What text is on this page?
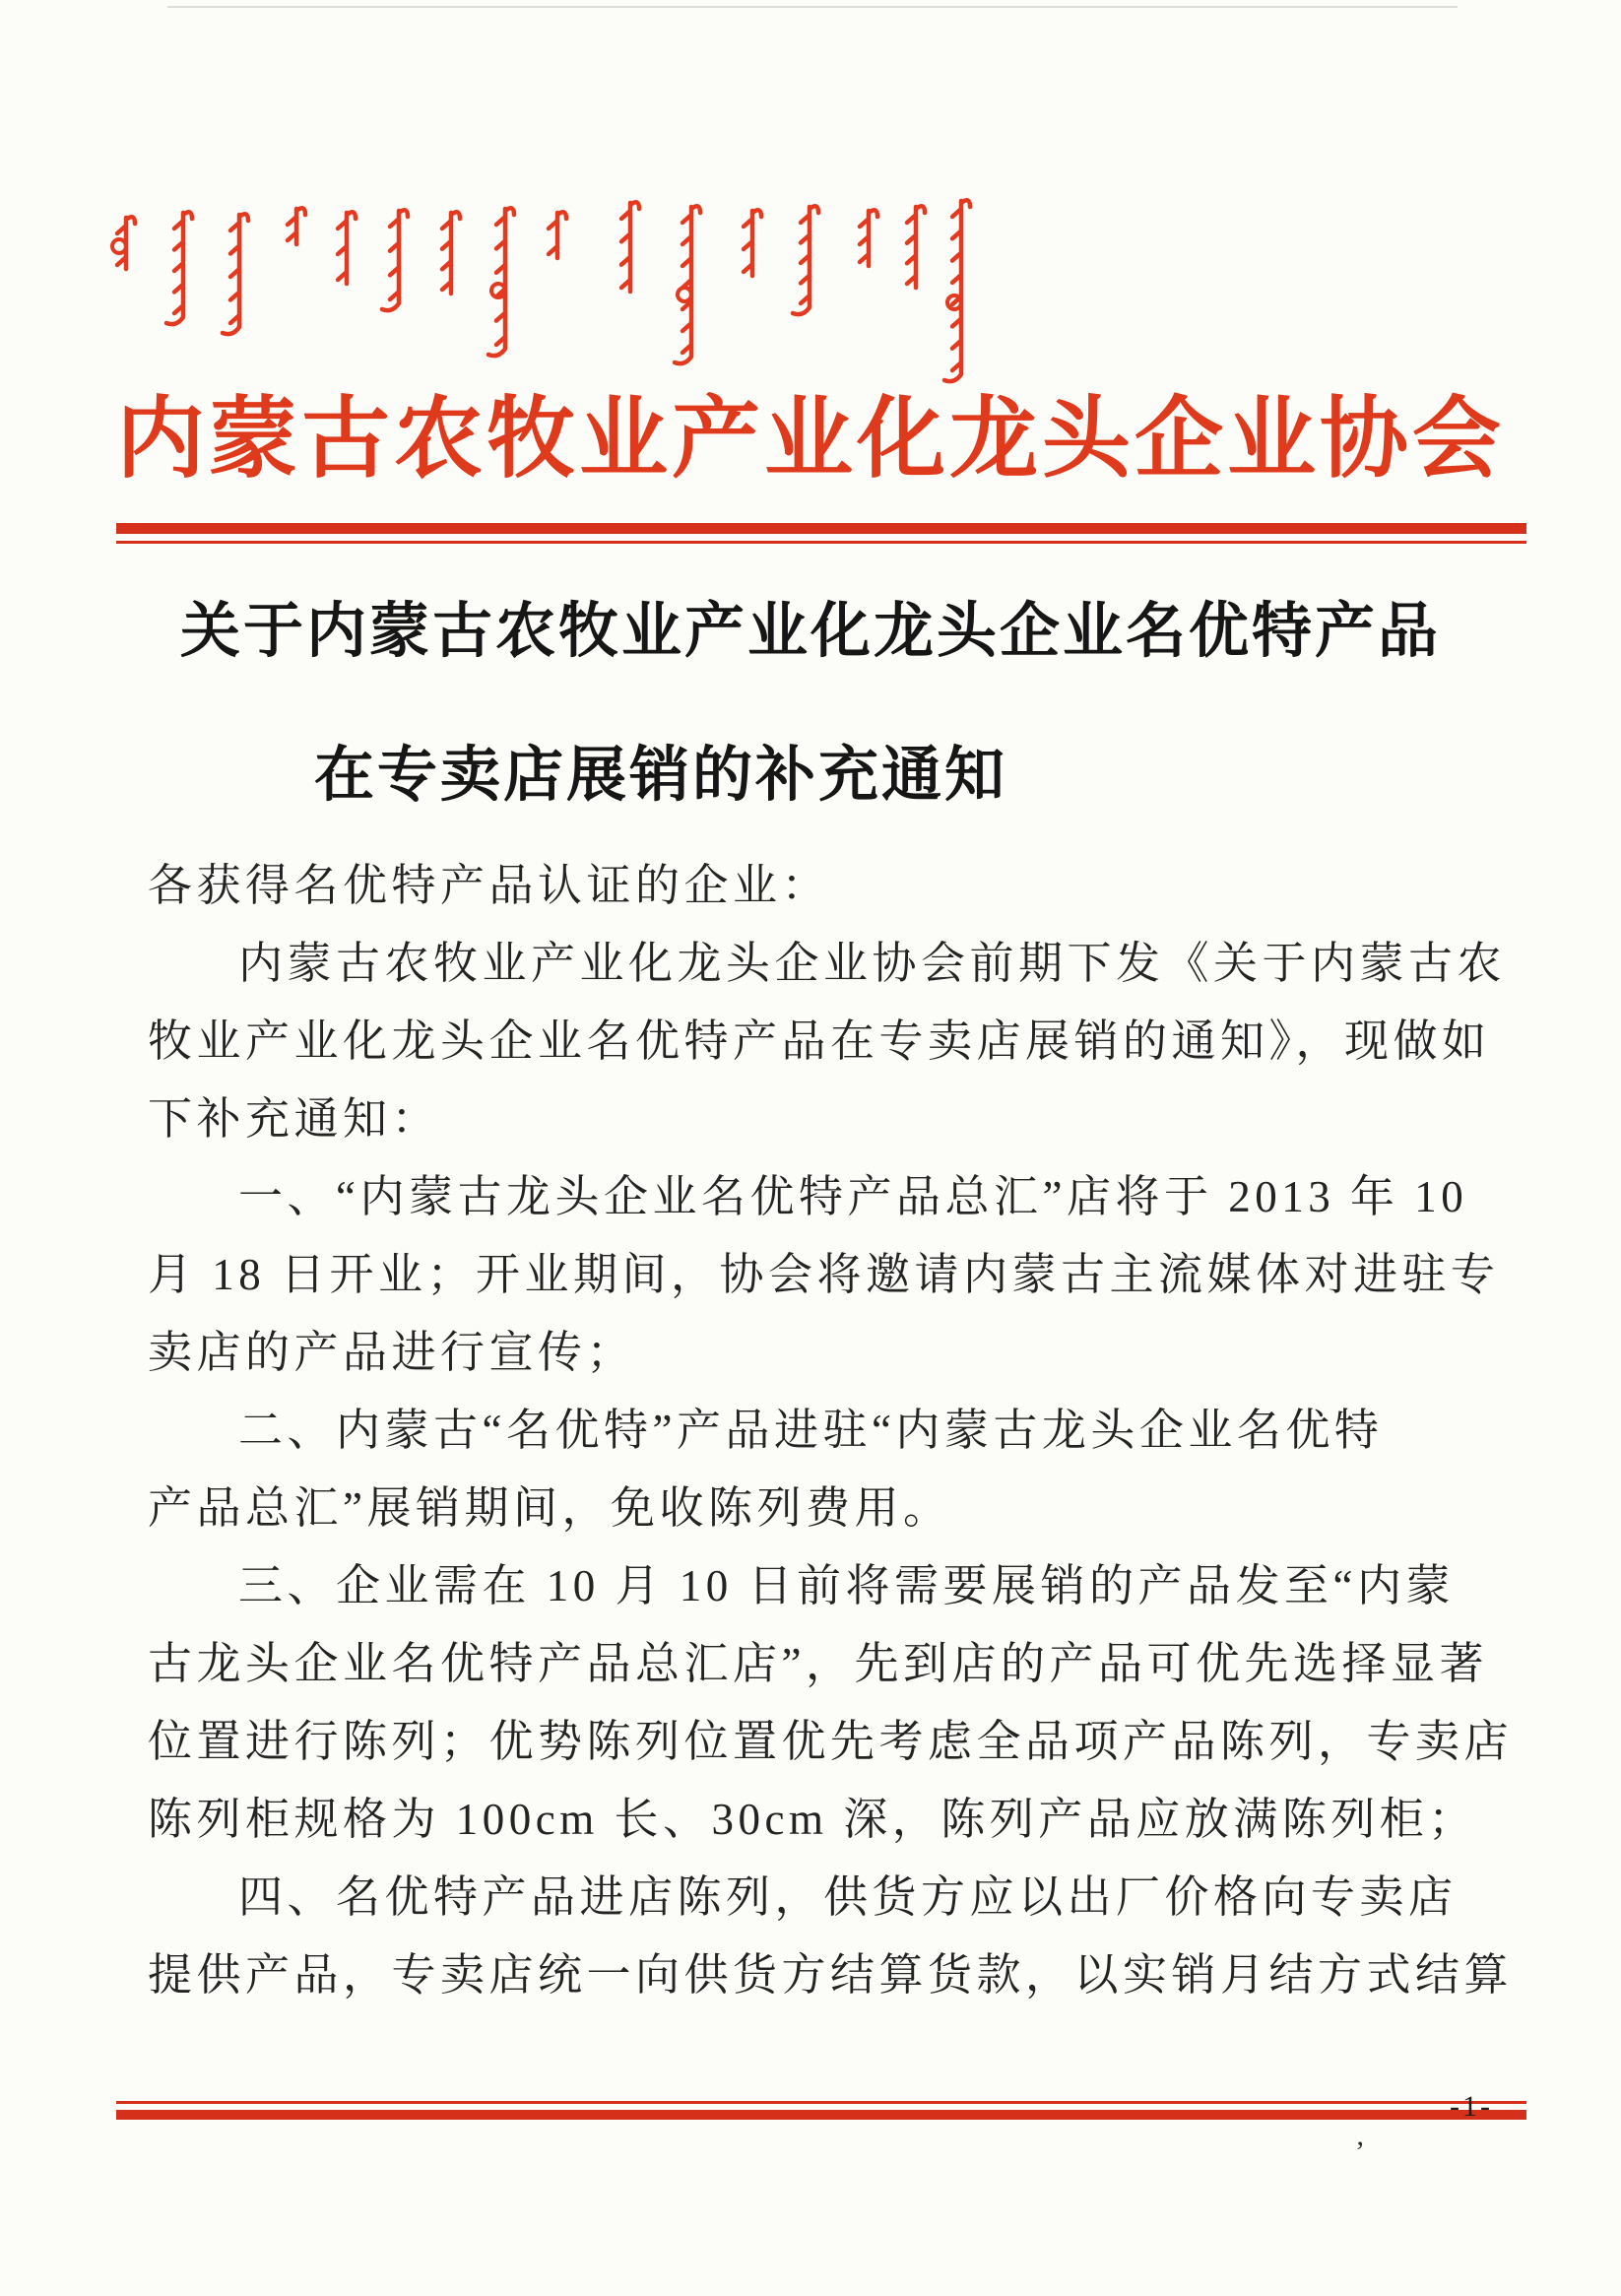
内蒙古农牧业产业化龙头企业协会
关于内蒙古农牧业产业化龙头企业名优特产品
在专卖店展销的补充通知
各获得名优特产品认证的企业：
内蒙古农牧业产业化龙头企业协会前期下发《关于内蒙古农
牧业产业化龙头企业名优特产品在专卖店展销的通知》，现做如
下补充通知：
一、“内蒙古龙头企业名优特产品总汇”店将于 2013 年 10
月 18 日开业；开业期间，协会将邀请内蒙古主流媒体对进驻专
卖店的产品进行宣传；
二、内蒙古“名优特”产品进驻“内蒙古龙头企业名优特
产品总汇”展销期间，免收陈列费用。
三、企业需在 10 月 10 日前将需要展销的产品发至“内蒙
古龙头企业名优特产品总汇店”，先到店的产品可优先选择显著
位置进行陈列；优势陈列位置优先考虑全品项产品陈列，专卖店
陈列柜规格为 100cm 长、30cm 深，陈列产品应放满陈列柜；
四、名优特产品进店陈列，供货方应以出厂价格向专卖店
提供产品，专卖店统一向供货方结算货款，以实销月结方式结算
-1-
’
